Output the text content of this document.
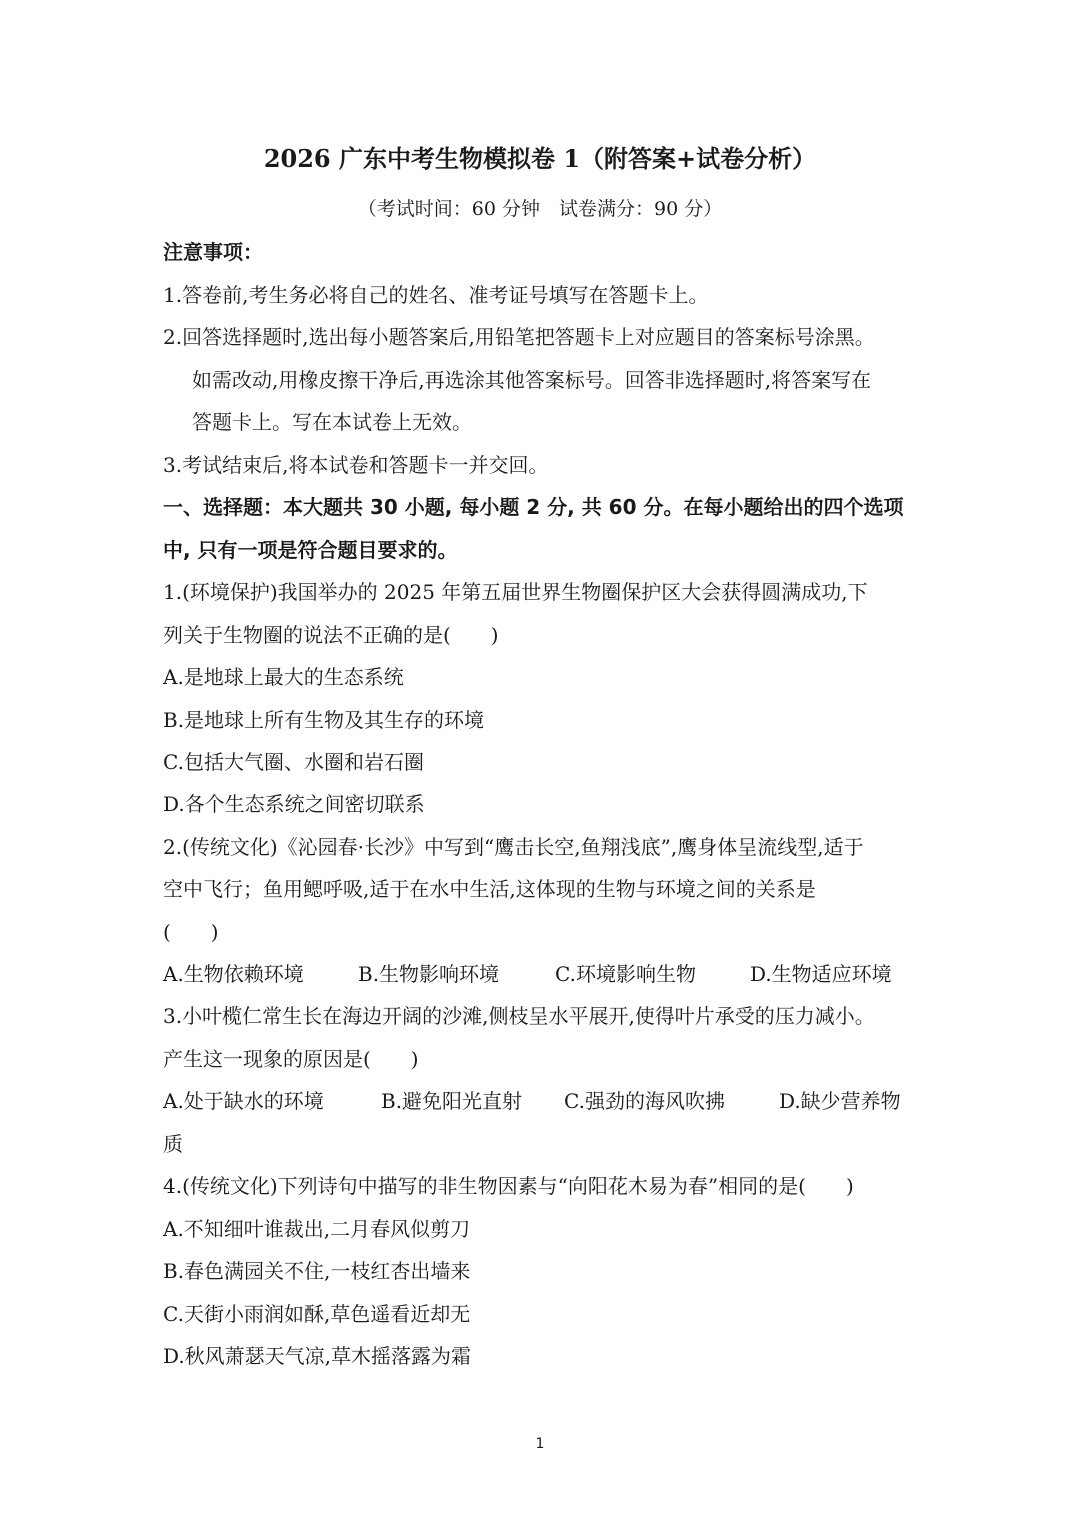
2026 广东中考生物模拟卷 1（附答案+试卷分析）
（考试时间：60 分钟　试卷满分：90 分）
注意事项：
1.答卷前,考生务必将自己的姓名、准考证号填写在答题卡上。
2.回答选择题时,选出每小题答案后,用铅笔把答题卡上对应题目的答案标号涂黑。
如需改动,用橡皮擦干净后,再选涂其他答案标号。回答非选择题时,将答案写在
答题卡上。写在本试卷上无效。
3.考试结束后,将本试卷和答题卡一并交回。
一、选择题：本大题共 30 小题, 每小题 2 分, 共 60 分。在每小题给出的四个选项
中, 只有一项是符合题目要求的。
1.(环境保护)我国举办的 2025 年第五届世界生物圈保护区大会获得圆满成功,下
列关于生物圈的说法不正确的是(　　)
A.是地球上最大的生态系统
B.是地球上所有生物及其生存的环境
C.包括大气圈、水圈和岩石圈
D.各个生态系统之间密切联系
2.(传统文化)《沁园春·长沙》中写到“鹰击长空,鱼翔浅底”,鹰身体呈流线型,适于
空中飞行；鱼用鳃呼吸,适于在水中生活,这体现的生物与环境之间的关系是
(　　)
A.生物依赖环境	B.生物影响环境	C.环境影响生物	D.生物适应环境
3.小叶榄仁常生长在海边开阔的沙滩,侧枝呈水平展开,使得叶片承受的压力减小。
产生这一现象的原因是(　　)
A.处于缺水的环境	B.避免阳光直射 C.强劲的海风吹拂	D.缺少营养物
质
4.(传统文化)下列诗句中描写的非生物因素与“向阳花木易为春”相同的是(　　)
A.不知细叶谁裁出,二月春风似剪刀
B.春色满园关不住,一枝红杏出墙来
C.天街小雨润如酥,草色遥看近却无
D.秋风萧瑟天气凉,草木摇落露为霜
1
